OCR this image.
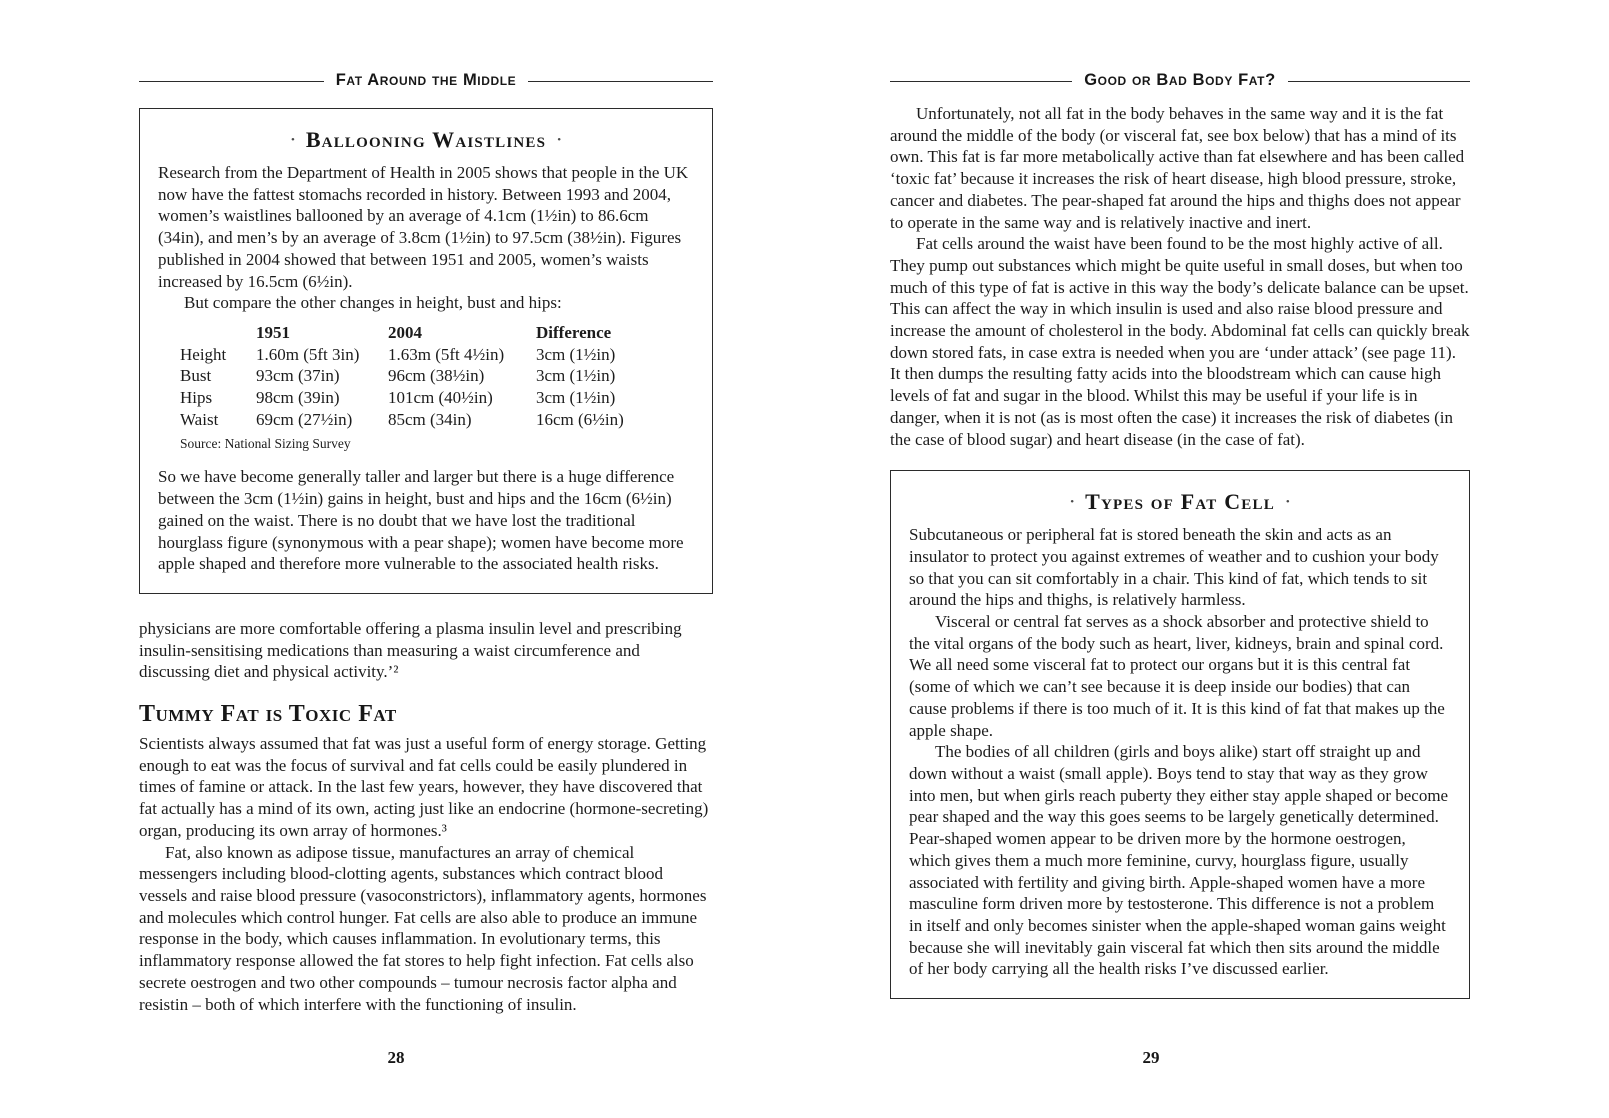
Fat Around the Middle
• Ballooning Waistlines •

Research from the Department of Health in 2005 shows that people in the UK now have the fattest stomachs recorded in history. Between 1993 and 2004, women’s waistlines ballooned by an average of 4.1cm (1½in) to 86.6cm (34in), and men’s by an average of 3.8cm (1½in) to 97.5cm (38½in). Figures published in 2004 showed that between 1951 and 2005, women’s waists increased by 16.5cm (6½in).

But compare the other changes in height, bust and hips:

	1951	2004	Difference
Height	1.60m (5ft 3in)	1.63m (5ft 4½in)	3cm (1½in)
Bust	93cm (37in)	96cm (38½in)	3cm (1½in)
Hips	98cm (39in)	101cm (40½in)	3cm (1½in)
Waist	69cm (27½in)	85cm (34in)	16cm (6½in)
Source: National Sizing Survey

So we have become generally taller and larger but there is a huge difference between the 3cm (1½in) gains in height, bust and hips and the 16cm (6½in) gained on the waist. There is no doubt that we have lost the traditional hourglass figure (synonymous with a pear shape); women have become more apple shaped and therefore more vulnerable to the associated health risks.

physicians are more comfortable offering a plasma insulin level and prescribing insulin-sensitising medications than measuring a waist circumference and discussing diet and physical activity.’²

Tummy Fat is Toxic Fat

Scientists always assumed that fat was just a useful form of energy storage. Getting enough to eat was the focus of survival and fat cells could be easily plundered in times of famine or attack. In the last few years, however, they have discovered that fat actually has a mind of its own, acting just like an endocrine (hormone-secreting) organ, producing its own array of hormones.³

Fat, also known as adipose tissue, manufactures an array of chemical messengers including blood-clotting agents, substances which contract blood vessels and raise blood pressure (vasoconstrictors), inflammatory agents, hormones and molecules which control hunger. Fat cells are also able to produce an immune response in the body, which causes inflammation. In evolutionary terms, this inflammatory response allowed the fat stores to help fight infection. Fat cells also secrete oestrogen and two other compounds – tumour necrosis factor alpha and resistin – both of which interfere with the functioning of insulin.

28
Good or Bad Body Fat?

Unfortunately, not all fat in the body behaves in the same way and it is the fat around the middle of the body (or visceral fat, see box below) that has a mind of its own. This fat is far more metabolically active than fat elsewhere and has been called ‘toxic fat’ because it increases the risk of heart disease, high blood pressure, stroke, cancer and diabetes. The pear-shaped fat around the hips and thighs does not appear to operate in the same way and is relatively inactive and inert.

Fat cells around the waist have been found to be the most highly active of all. They pump out substances which might be quite useful in small doses, but when too much of this type of fat is active in this way the body’s delicate balance can be upset. This can affect the way in which insulin is used and also raise blood pressure and increase the amount of cholesterol in the body. Abdominal fat cells can quickly break down stored fats, in case extra is needed when you are ‘under attack’ (see page 11). It then dumps the resulting fatty acids into the bloodstream which can cause high levels of fat and sugar in the blood. Whilst this may be useful if your life is in danger, when it is not (as is most often the case) it increases the risk of diabetes (in the case of blood sugar) and heart disease (in the case of fat).

• Types of Fat Cell •

Subcutaneous or peripheral fat is stored beneath the skin and acts as an insulator to protect you against extremes of weather and to cushion your body so that you can sit comfortably in a chair. This kind of fat, which tends to sit around the hips and thighs, is relatively harmless.

Visceral or central fat serves as a shock absorber and protective shield to the vital organs of the body such as heart, liver, kidneys, brain and spinal cord. We all need some visceral fat to protect our organs but it is this central fat (some of which we can’t see because it is deep inside our bodies) that can cause problems if there is too much of it. It is this kind of fat that makes up the apple shape.

The bodies of all children (girls and boys alike) start off straight up and down without a waist (small apple). Boys tend to stay that way as they grow into men, but when girls reach puberty they either stay apple shaped or become pear shaped and the way this goes seems to be largely genetically determined. Pear-shaped women appear to be driven more by the hormone oestrogen, which gives them a much more feminine, curvy, hourglass figure, usually associated with fertility and giving birth. Apple-shaped women have a more masculine form driven more by testosterone. This difference is not a problem in itself and only becomes sinister when the apple-shaped woman gains weight because she will inevitably gain visceral fat which then sits around the middle of her body carrying all the health risks I’ve discussed earlier.

29
